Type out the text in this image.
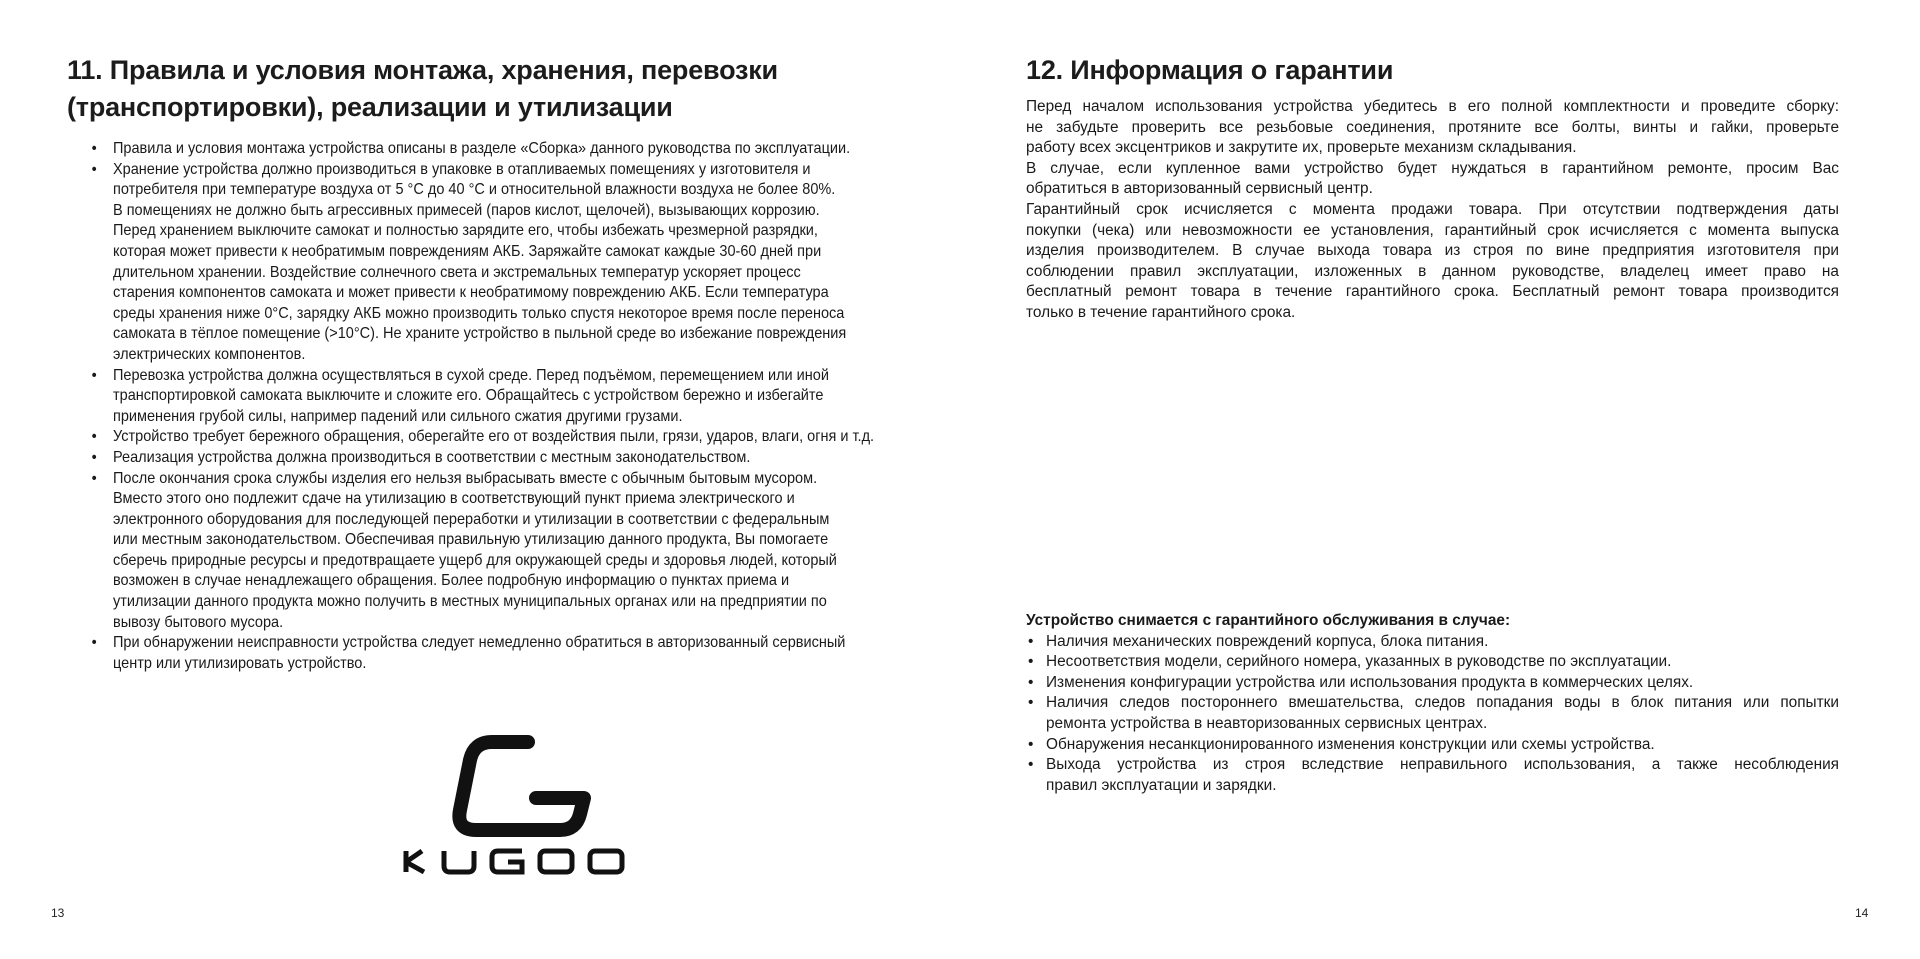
11. Правила и условия монтажа, хранения, перевозки
(транспортировки), реализации и утилизации
• Правила и условия монтажа устройства описаны в разделе «Сборка» данного руководства по эксплуатации.
• Хранение устройства должно производиться в упаковке в отапливаемых помещениях у изготовителя и
потребителя при температуре воздуха от 5 °C до 40 °C и относительной влажности воздуха не более 80%.
В помещениях не должно быть агрессивных примесей (паров кислот, щелочей), вызывающих коррозию.
Перед хранением выключите самокат и полностью зарядите его, чтобы избежать чрезмерной разрядки,
которая может привести к необратимым повреждениям АКБ. Заряжайте самокат каждые 30-60 дней при
длительном хранении. Воздействие солнечного света и экстремальных температур ускоряет процесс
старения компонентов самоката и может привести к необратимому повреждению АКБ. Если температура
среды хранения ниже 0°C, зарядку АКБ можно производить только спустя некоторое время после переноса
самоката в тёплое помещение (>10°C). Не храните устройство в пыльной среде во избежание повреждения
электрических компонентов.
• Перевозка устройства должна осуществляться в сухой среде. Перед подъёмом, перемещением или иной
транспортировкой самоката выключите и сложите его. Обращайтесь с устройством бережно и избегайте
применения грубой силы, например падений или сильного сжатия другими грузами.
• Устройство требует бережного обращения, оберегайте его от воздействия пыли, грязи, ударов, влаги, огня и т.д.
• Реализация устройства должна производиться в соответствии с местным законодательством.
• После окончания срока службы изделия его нельзя выбрасывать вместе с обычным бытовым мусором.
Вместо этого оно подлежит сдаче на утилизацию в соответствующий пункт приема электрического и
электронного оборудования для последующей переработки и утилизации в соответствии с федеральным
или местным законодательством. Обеспечивая правильную утилизацию данного продукта, Вы помогаете
сберечь природные ресурсы и предотвращаете ущерб для окружающей среды и здоровья людей, который
возможен в случае ненадлежащего обращения. Более подробную информацию о пунктах приема и
утилизации данного продукта можно получить в местных муниципальных органах или на предприятии по
вывозу бытового мусора.
• При обнаружении неисправности устройства следует немедленно обратиться в авторизованный сервисный
центр или утилизировать устройство.
13
12. Информация о гарантии
Перед началом использования устройства убедитесь в его полной комплектности и проведите сборку:
не забудьте проверить все резьбовые соединения, протяните все болты, винты и гайки, проверьте
работу всех эксцентриков и закрутите их, проверьте механизм складывания.
В случае, если купленное вами устройство будет нуждаться в гарантийном ремонте, просим Вас
обратиться в авторизованный сервисный центр.
Гарантийный срок исчисляется с момента продажи товара. При отсутствии подтверждения даты
покупки (чека) или невозможности ее установления, гарантийный срок исчисляется с момента выпуска
изделия производителем. В случае выхода товара из строя по вине предприятия изготовителя при
соблюдении правил эксплуатации, изложенных в данном руководстве, владелец имеет право на
бесплатный ремонт товара в течение гарантийного срока. Бесплатный ремонт товара производится
только в течение гарантийного срока.
Устройство снимается с гарантийного обслуживания в случае:
• Наличия механических повреждений корпуса, блока питания.
• Несоответствия модели, серийного номера, указанных в руководстве по эксплуатации.
• Изменения конфигурации устройства или использования продукта в коммерческих целях.
• Наличия следов постороннего вмешательства, следов попадания воды в блок питания или попытки
ремонта устройства в неавторизованных сервисных центрах.
• Обнаружения несанкционированного изменения конструкции или схемы устройства.
• Выхода устройства из строя вследствие неправильного использования, а также несоблюдения
правил эксплуатации и зарядки.
14
